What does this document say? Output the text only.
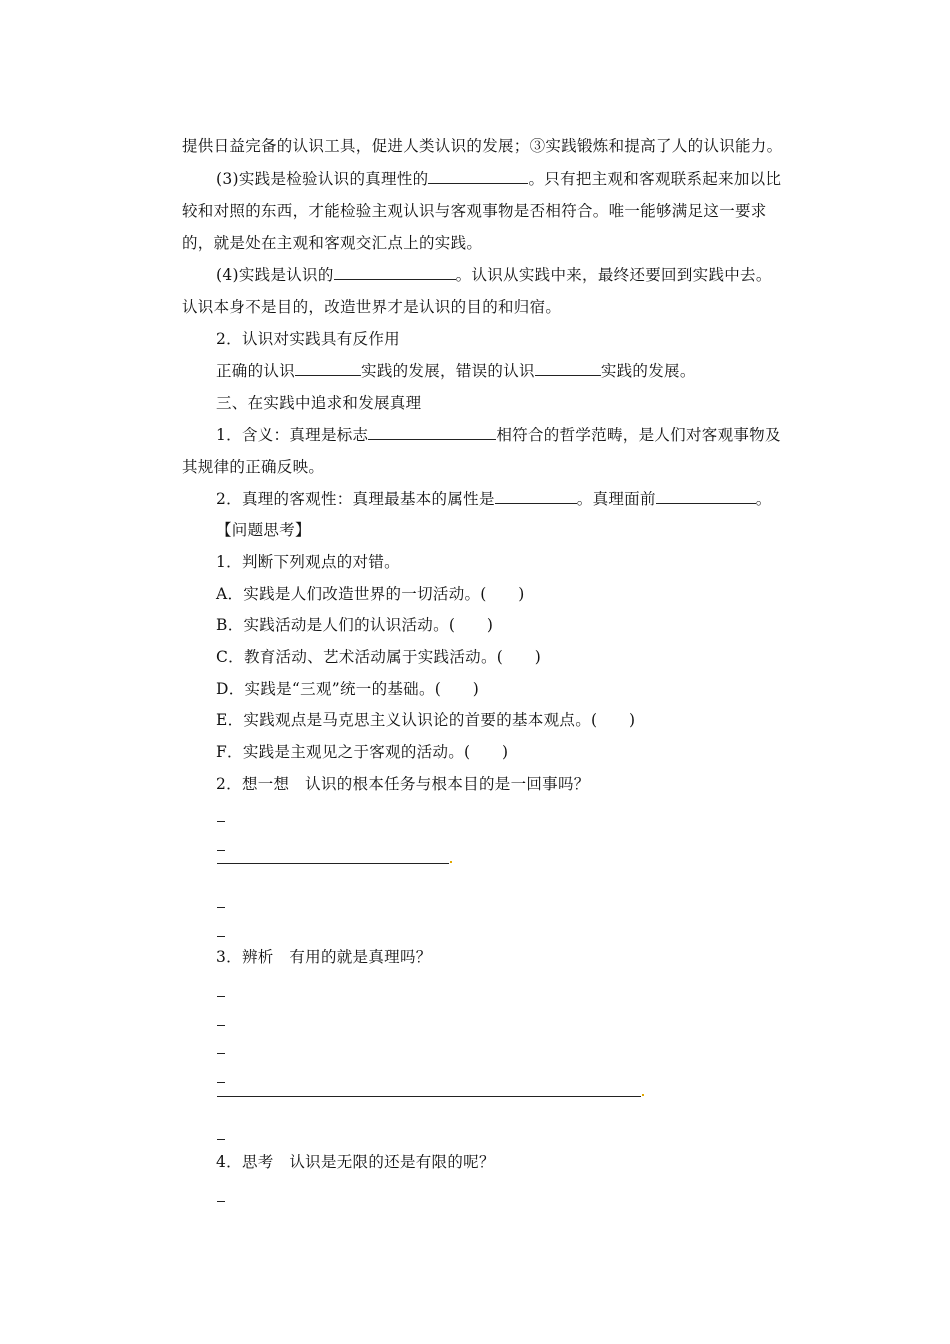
提供日益完备的认识工具，促进人类认识的发展；③实践锻炼和提高了人的认识能力。
(3)实践是检验认识的真理性的	。只有把主观和客观联系起来加以比
较和对照的东西，才能检验主观认识与客观事物是否相符合。唯一能够满足这一要求
的，就是处在主观和客观交汇点上的实践。
(4)实践是认识的	。认识从实践中来，最终还要回到实践中去。
认识本身不是目的，改造世界才是认识的目的和归宿。
2．认识对实践具有反作用
正确的认识	实践的发展，错误的认识	实践的发展。
三、在实践中追求和发展真理
1．含义：真理是标志	相符合的哲学范畴，是人们对客观事物及
其规律的正确反映。
2．真理的客观性：真理最基本的属性是	。真理面前	。
【问题思考】
1．判断下列观点的对错。
A．实践是人们改造世界的一切活动。(　　)
B．实践活动是人们的认识活动。(　　)
C．教育活动、艺术活动属于实践活动。(　　)
D．实践是“三观”统一的基础。(　　)
E．实践观点是马克思主义认识论的首要的基本观点。(　　)
F．实践是主观见之于客观的活动。(　　)
2．想一想　认识的根本任务与根本目的是一回事吗？
3．辨析　有用的就是真理吗？
4．思考　认识是无限的还是有限的呢？
